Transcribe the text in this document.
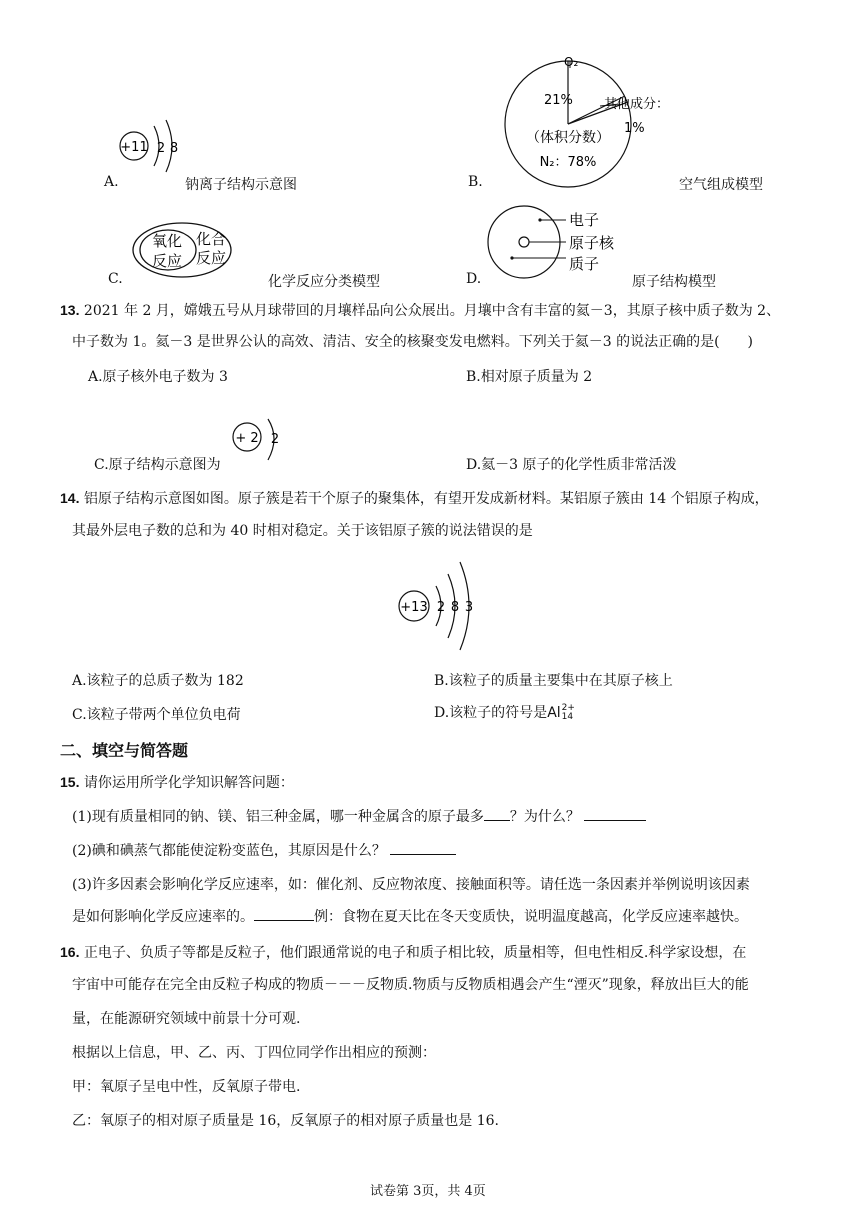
A.
+11 2 8
钠离子结构示意图	B.
O₂
21% 其他成分：
1%
（体积分数）
N₂：78%
空气组成模型
C.
氧化
反应
化合
反应
化学反应分类模型	D.
电子
原子核
质子
原子结构模型
13. 2021 年 2 月，嫦娥五号从月球带回的月壤样品向公众展出。月壤中含有丰富的氦－3，其原子核中质子数为 2、
中子数为 1。氦－3 是世界公认的高效、清洁、安全的核聚变发电燃料。下列关于氦－3 的说法正确的是(　　)
A.原子核外电子数为 3	B.相对原子质量为 2
C.原子结构示意图为
+ 2 2
D.氦－3 原子的化学性质非常活泼
14. 铝原子结构示意图如图。原子簇是若干个原子的聚集体，有望开发成新材料。某铝原子簇由 14 个铝原子构成，
其最外层电子数的总和为 40 时相对稳定。关于该铝原子簇的说法错误的是
+13 2 8 3
A.该粒子的总质子数为 182	B.该粒子的质量主要集中在其原子核上
C.该粒子带两个单位负电荷	D.该粒子的符号是Al 2+
14
二、填空与简答题
15. 请你运用所学化学知识解答问题：
(1)现有质量相同的钠、镁、铝三种金属，哪一种金属含的原子最多 ？为什么？
(2)碘和碘蒸气都能使淀粉变蓝色，其原因是什么？
(3)许多因素会影响化学反应速率，如：催化剂、反应物浓度、接触面积等。请任选一条因素并举例说明该因素
是如何影响化学反应速率的。	例：食物在夏天比在冬天变质快，说明温度越高，化学反应速率越快。
16. 正电子、负质子等都是反粒子，他们跟通常说的电子和质子相比较，质量相等，但电性相反.科学家设想，在
宇宙中可能存在完全由反粒子构成的物质－－－反物质.物质与反物质相遇会产生“湮灭”现象，释放出巨大的能
量，在能源研究领域中前景十分可观.
根据以上信息，甲、乙、丙、丁四位同学作出相应的预测：
甲：氧原子呈电中性，反氧原子带电.
乙：氧原子的相对原子质量是 16，反氧原子的相对原子质量也是 16.
试卷第 3页，共 4页
